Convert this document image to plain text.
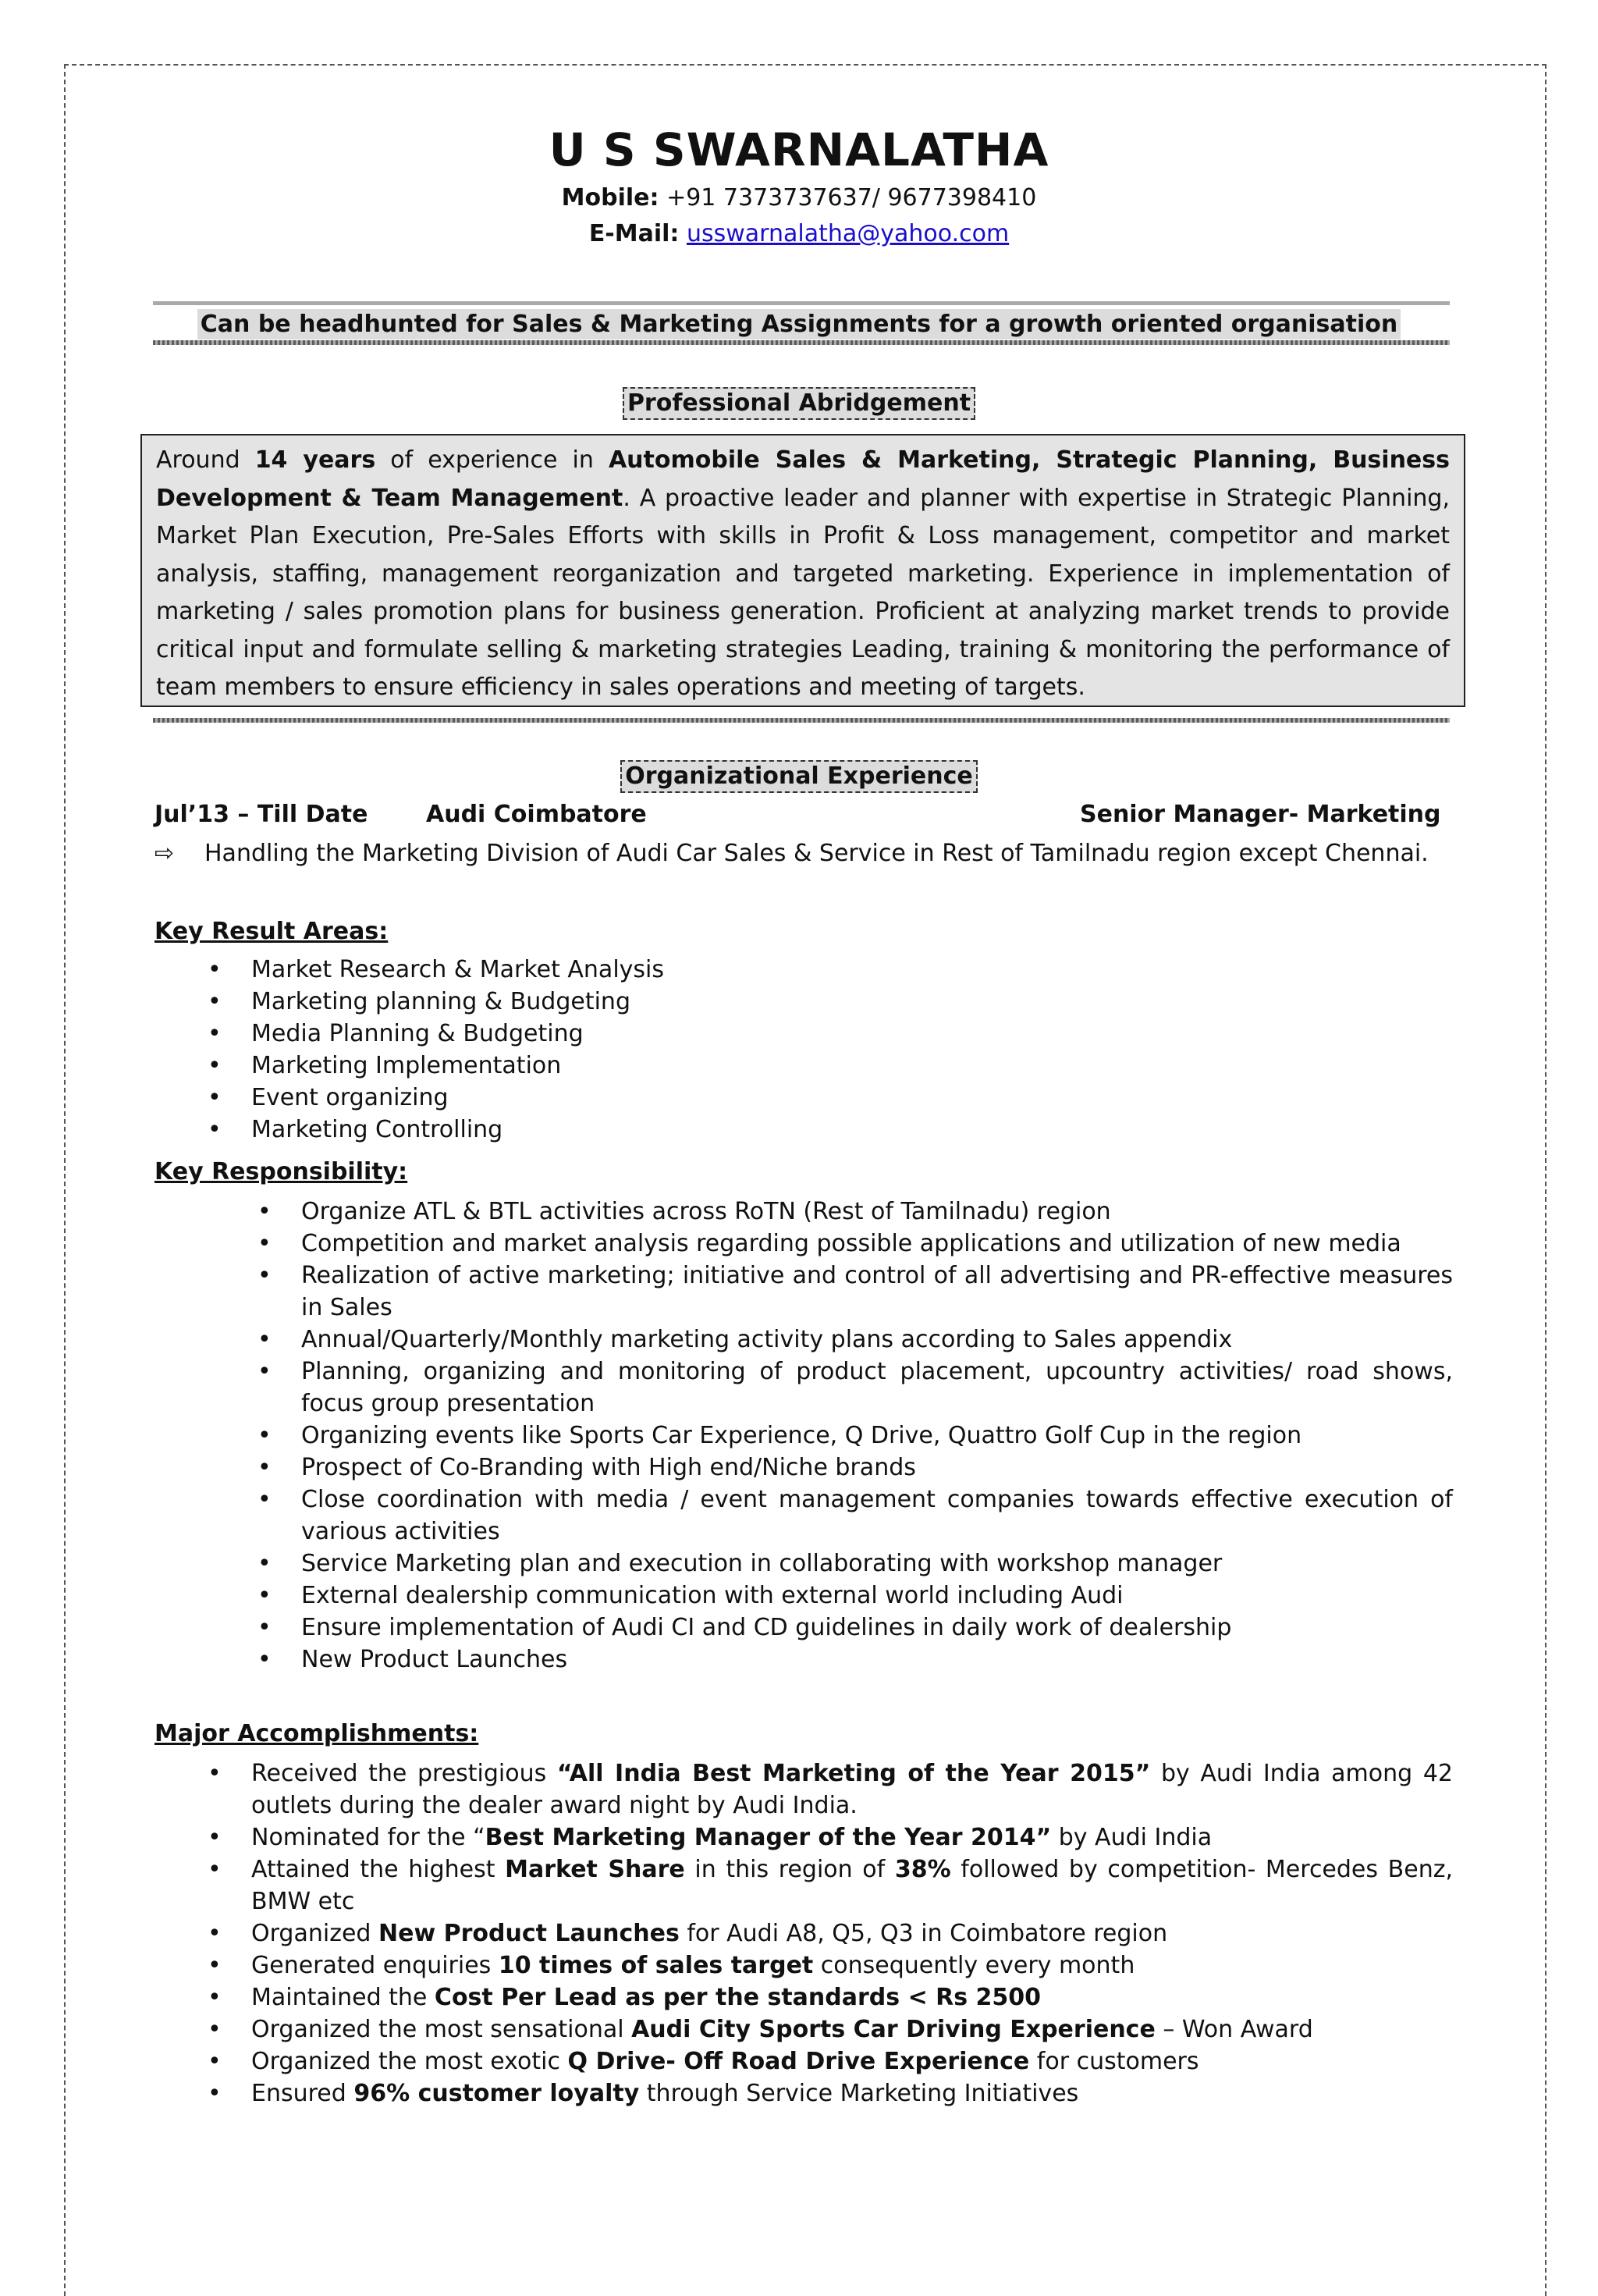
U S SWARNALATHA
Mobile: +91 7373737637/ 9677398410
E-Mail: usswarnalatha@yahoo.com
Can be headhunted for Sales & Marketing Assignments for a growth oriented organisation
Professional Abridgement

Around 14 years of experience in Automobile Sales & Marketing, Strategic Planning, Business Development & Team Management. A proactive leader and planner with expertise in Strategic Planning, Market Plan Execution, Pre-Sales Efforts with skills in Profit & Loss management, competitor and market analysis, staffing, management reorganization and targeted marketing. Experience in implementation of marketing / sales promotion plans for business generation. Proficient at analyzing market trends to provide critical input and formulate selling & marketing strategies Leading, training & monitoring the performance of team members to ensure efficiency in sales operations and meeting of targets.

Organizational Experience
Jul’13 – Till Date Audi Coimbatore	Senior Manager- Marketing
⇨ Handling the Marketing Division of Audi Car Sales & Service in Rest of Tamilnadu region except Chennai.
Key Result Areas:
• Market Research & Market Analysis
• Marketing planning & Budgeting
• Media Planning & Budgeting
• Marketing Implementation
• Event organizing
• Marketing Controlling
Key Responsibility:
• Organize ATL & BTL activities across RoTN (Rest of Tamilnadu) region
• Competition and market analysis regarding possible applications and utilization of new media
• Realization of active marketing; initiative and control of all advertising and PR-effective measures in Sales
• Annual/Quarterly/Monthly marketing activity plans according to Sales appendix
• Planning, organizing and monitoring of product placement, upcountry activities/ road shows, focus group presentation
• Organizing events like Sports Car Experience, Q Drive, Quattro Golf Cup in the region
• Prospect of Co-Branding with High end/Niche brands
• Close coordination with media / event management companies towards effective execution of various activities
• Service Marketing plan and execution in collaborating with workshop manager
• External dealership communication with external world including Audi
• Ensure implementation of Audi CI and CD guidelines in daily work of dealership
• New Product Launches
Major Accomplishments:
• Received the prestigious “All India Best Marketing of the Year 2015” by Audi India among 42 outlets during the dealer award night by Audi India.
• Nominated for the “Best Marketing Manager of the Year 2014” by Audi India
• Attained the highest Market Share in this region of 38% followed by competition- Mercedes Benz, BMW etc
• Organized New Product Launches for Audi A8, Q5, Q3 in Coimbatore region
• Generated enquiries 10 times of sales target consequently every month
• Maintained the Cost Per Lead as per the standards < Rs 2500
• Organized the most sensational Audi City Sports Car Driving Experience – Won Award
• Organized the most exotic Q Drive- Off Road Drive Experience for customers
• Ensured 96% customer loyalty through Service Marketing Initiatives
